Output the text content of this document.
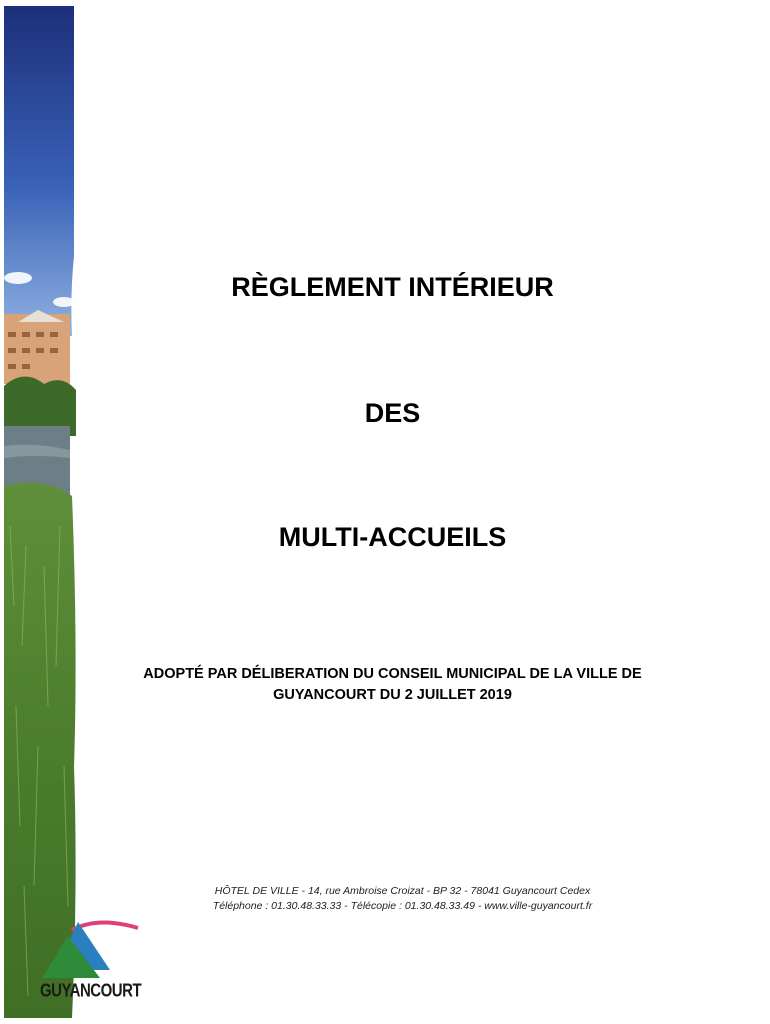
GUYANCOURT
RÈGLEMENT INTÉRIEUR
DES
MULTI-ACCUEILS
ADOPTÉ PAR DÉLIBERATION DU CONSEIL MUNICIPAL DE LA VILLE DE
GUYANCOURT DU 2 JUILLET 2019
HÔTEL DE VILLE - 14, rue Ambroise Croizat - BP 32 - 78041 Guyancourt Cedex
Téléphone : 01.30.48.33.33 - Télécopie : 01.30.48.33.49 - www.ville-guyancourt.fr
